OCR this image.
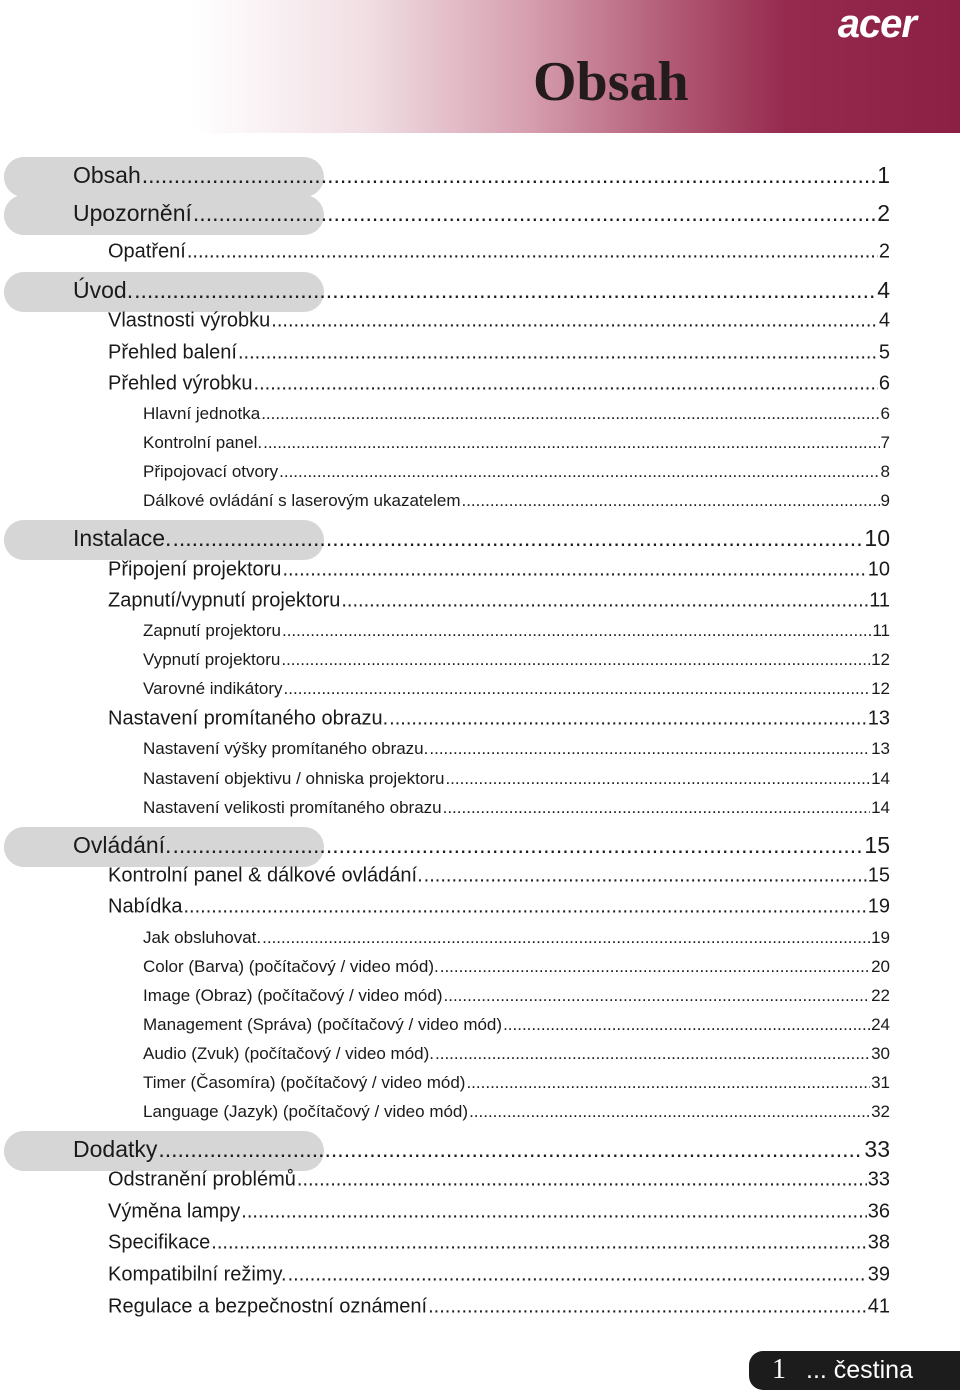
acer
Obsah
Obsah .....	1
Upozornění .....	2
Opatření .....	2
Úvod. .....	4
Vlastnosti výrobku .....	4
Přehled balení .....	5
Přehled výrobku .....	6
Hlavní jednotka .....	6
Kontrolní panel. .....	7
Připojovací otvory .....	8
Dálkové ovládání s laserovým ukazatelem .....	9
Instalace. .....	10
Připojení projektoru .....	10
Zapnutí/vypnutí projektoru .....	11
Zapnutí projektoru .....	11
Vypnutí projektoru .....	12
Varovné indikátory .....	12
Nastavení promítaného obrazu. .....	13
Nastavení výšky promítaného obrazu. .....	13
Nastavení objektivu / ohniska projektoru .....	14
Nastavení velikosti promítaného obrazu .....	14
Ovládání. .....	15
Kontrolní panel & dálkové ovládání. .....	15
Nabídka .....	19
Jak obsluhovat. .....	19
Color (Barva) (počítačový / video mód). .....	20
Image (Obraz) (počítačový / video mód) .....	22
Management (Správa) (počítačový / video mód) .....	24
Audio (Zvuk) (počítačový / video mód). .....	30
Timer (Časomíra) (počítačový / video mód) .....	31
Language (Jazyk) (počítačový / video mód) .....	32
Dodatky .....	33
Odstranění problémů .....	33
Výměna lampy .....	36
Specifikace .....	38
Kompatibilní režimy. .....	39
Regulace a bezpečnostní oznámení .....	41
1 ... čestina
